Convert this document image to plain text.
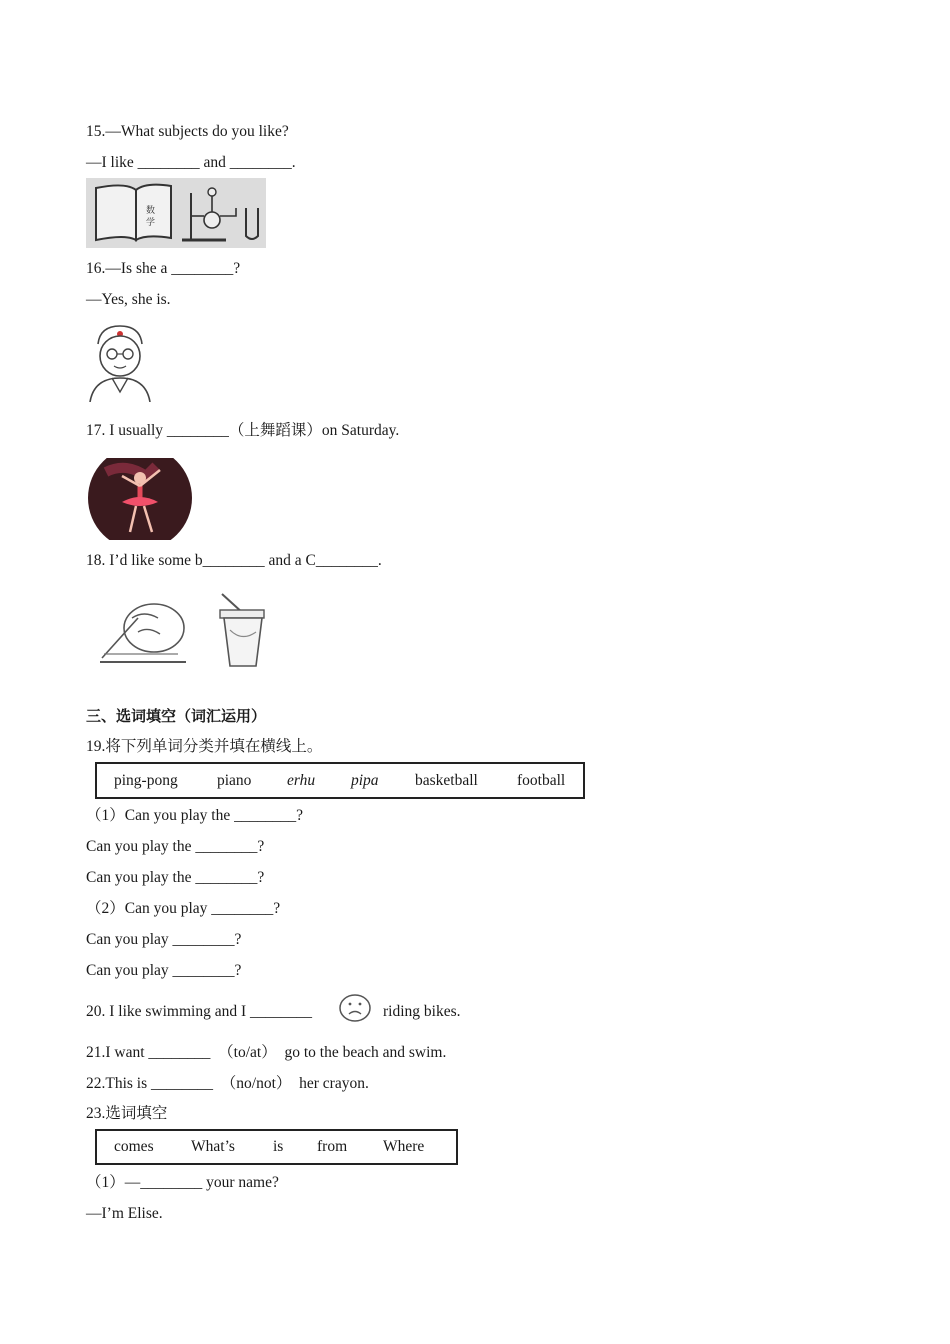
15.—What subjects do you like?
—I like ________ and ________.
数
学
16.—Is she a ________?
—Yes, she is.
17. I usually ________（上舞蹈课）on Saturday.
18. I’d like some b________ and a C________.
三、选词填空（词汇运用）
19.将下列单词分类并填在横线上。
ping-pong	piano erhu pipa basketball	football
（1）Can you play the ________?
Can you play the ________?
Can you play the ________?
（2）Can you play ________?
Can you play ________?
Can you play ________?
20. I like swimming and I ________	riding bikes.
21.I want ________  （to/at）  go to the beach and swim.
22.This is ________  （no/not）  her crayon.
23.选词填空
comes What’s is from Where
（1）—________ your name?
—I’m Elise.
